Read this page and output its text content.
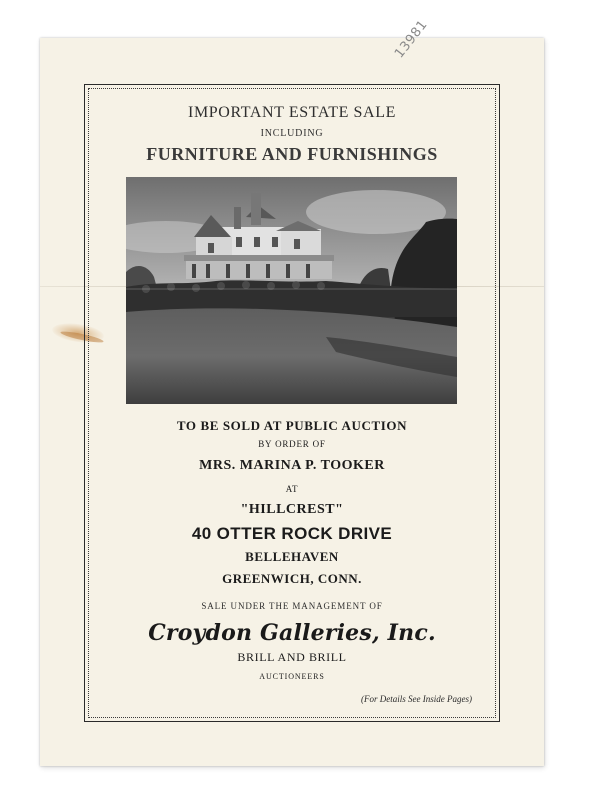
13981
IMPORTANT ESTATE SALE
INCLUDING
FURNITURE AND FURNISHINGS
TO BE SOLD AT PUBLIC AUCTION
BY ORDER OF
MRS. MARINA P. TOOKER
AT
"HILLCREST"
40 OTTER ROCK DRIVE
BELLEHAVEN
GREENWICH, CONN.
SALE UNDER THE MANAGEMENT OF
Croydon Galleries, Inc.
BRILL AND BRILL
AUCTIONEERS
(For Details See Inside Pages)
